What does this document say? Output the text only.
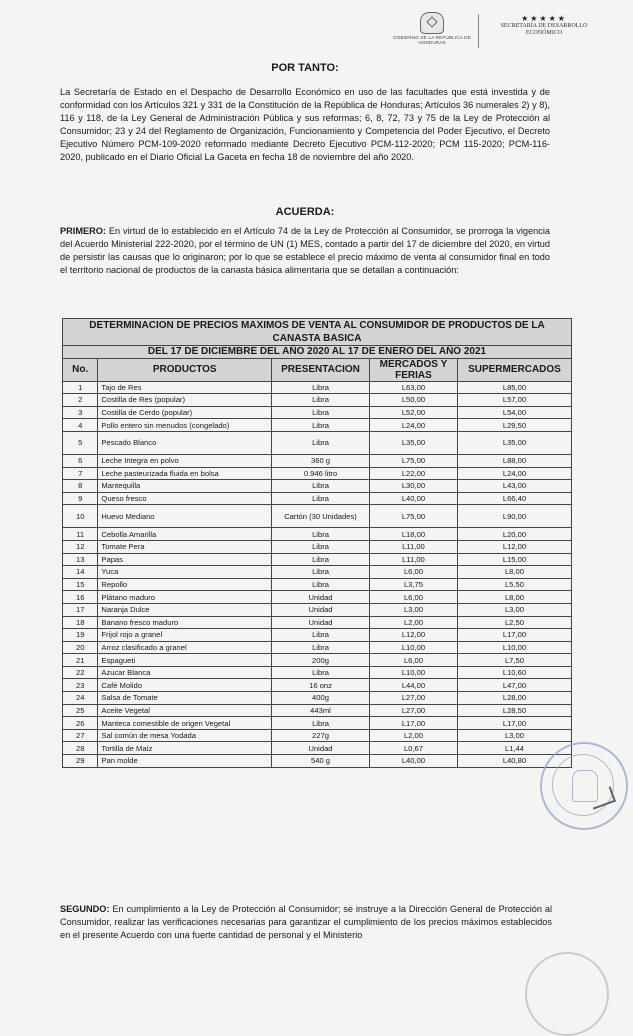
GOBIERNO DE LA REPÚBLICA DE HONDURAS
★★★★★
SECRETARÍA DE DESARROLLO ECONÓMICO
POR TANTO:

La Secretaría de Estado en el Despacho de Desarrollo Económico en uso de las facultades que está investida y de conformidad con los Artículos 321 y 331 de la Constitución de la República de Honduras; Artículos 36 numerales 2) y 8), 116 y 118, de la Ley General de Administración Pública y sus reformas; 6, 8, 72, 73 y 75 de la Ley de Protección al Consumidor; 23 y 24 del Reglamento de Organización, Funcionamiento y Competencia del Poder Ejecutivo, el Decreto Ejecutivo Número PCM-109-2020 reformado mediante Decreto Ejecutivo PCM-112-2020; PCM 115-2020; PCM-116-2020, publicado en el Diario Oficial La Gaceta en fecha 18 de noviembre del año 2020.

ACUERDA:

PRIMERO: En virtud de lo establecido en el Artículo 74 de la Ley de Protección al Consumidor, se prorroga la vigencia del Acuerdo Ministerial 222-2020, por el término de UN (1) MES, contado a partir del 17 de diciembre del 2020, en virtud de persistir las causas que lo originaron; por lo que se establece el precio máximo de venta al consumidor final en todo el territorio nacional de productos de la canasta básica alimentaria que se detallan a continuación:

DETERMINACION DE PRECIOS MAXIMOS DE VENTA AL CONSUMIDOR DE PRODUCTOS DE LA CANASTA BASICA				
DEL 17 DE DICIEMBRE DEL AÑO 2020 AL 17 DE ENERO DEL AÑO 2021				
No.	PRODUCTOS	PRESENTACION	MERCADOS Y FERIAS	SUPERMERCADOS
1	Tajo de Res	Libra	L63,00	L85,00
2	Costilla de Res (popular)	Libra	L50,00	L57,00
3	Costilla de Cerdo (popular)	Libra	L52,00	L54,00
4	Pollo entero sin menudos (congelado)	Libra	L24,00	L29,50
5	Pescado Blanco	Libra	L35,00	L35,00
6	Leche Integra en polvo	360 g	L75,00	L88,00
7	Leche pasteurizada fluida en bolsa	0.946 litro	L22,00	L24,00
8	Mantequilla	Libra	L30,00	L43,00
9	Queso fresco	Libra	L40,00	L66,40
10	Huevo Mediano	Cartón (30 Unidades)	L75,00	L90,00
11	Cebolla Amarilla	Libra	L18,00	L20,00
12	Tomate Pera	Libra	L11,00	L12,00
13	Papas	Libra	L11,00	L15,00
14	Yuca	Libra	L6,00	L8,00
15	Repollo	Libra	L3,75	L5,50
16	Plátano maduro	Unidad	L6,00	L8,00
17	Naranja Dulce	Unidad	L3,00	L3,00
18	Banano fresco maduro	Unidad	L2,00	L2,50
19	Frijol rojo a granel	Libra	L12,00	L17,00
20	Arroz clasificado a granel	Libra	L10,00	L10,00
21	Espagueti	200g	L6,00	L7,50
22	Azucar Blanca	Libra	L10,00	L10,60
23	Café Molido	16 onz	L44,00	L47,00
24	Salsa de Tomate	400g	L27,00	L28,00
25	Aceite Vegetal	443ml	L27,00	L28,50
26	Manteca comestible de origen Vegetal	Libra	L17,00	L17,00
27	Sal común de mesa Yodada	227g	L2,00	L3,00
28	Tortilla de Maíz	Unidad	L0,67	L1,44
29	Pan molde	540 g	L40,00	L40,80

SEGUNDO: En cumplimiento a la Ley de Protección al Consumidor; se instruye a la Dirección General de Protección al Consumidor, realizar las verificaciones necesarias para garantizar el cumplimiento de los precios máximos establecidos en el presente Acuerdo con una fuerte cantidad de personal y el Ministerio
